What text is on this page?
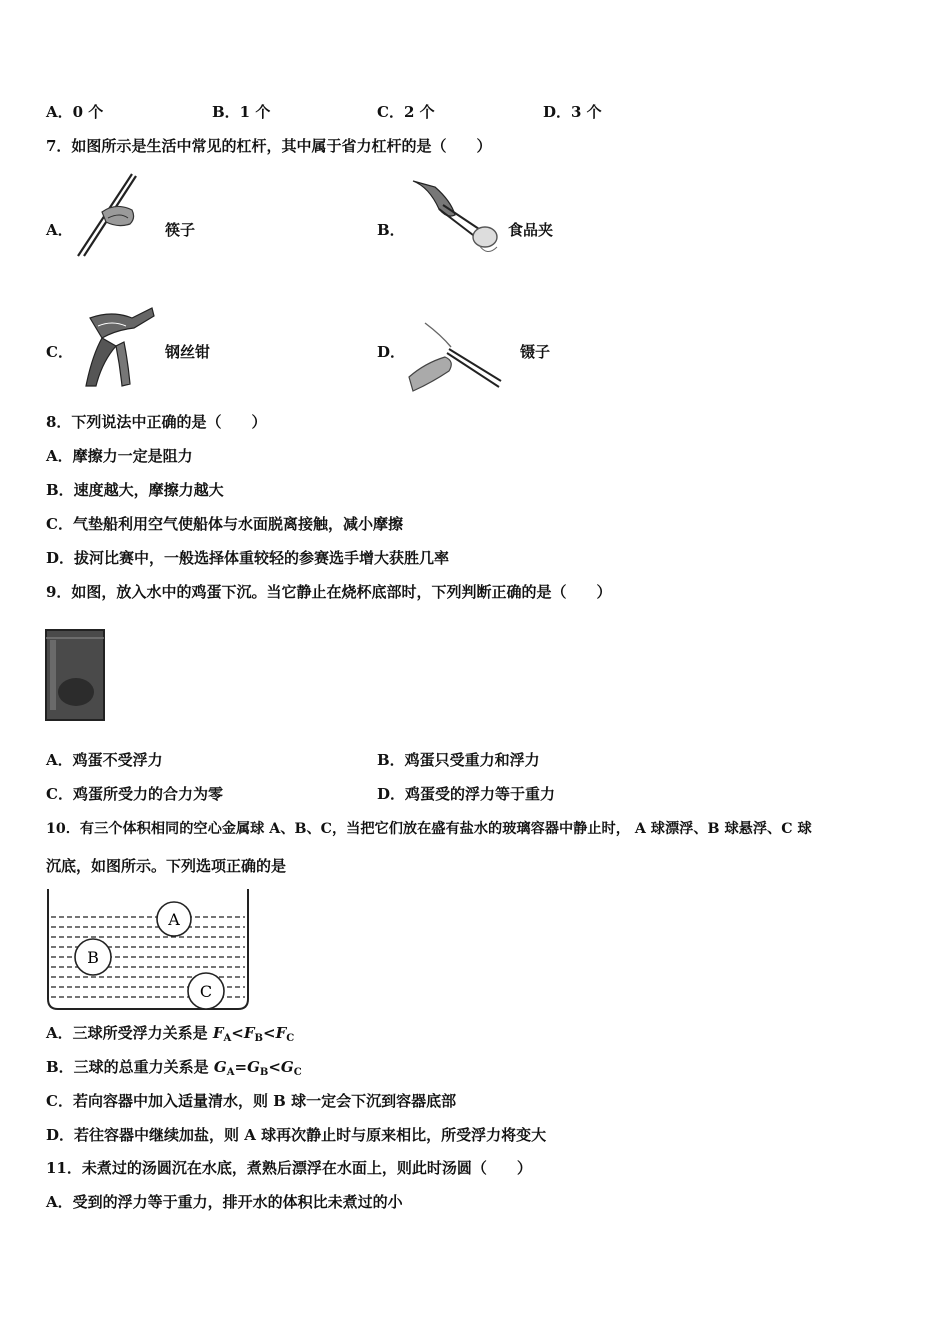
A．0 个	B．1 个	C．2 个	D．3 个
7．如图所示是生活中常见的杠杆，其中属于省力杠杆的是（　　）
A．	筷子	B．	食品夹
C．	钢丝钳	D．	镊子
8．下列说法中正确的是（　　）
A．摩擦力一定是阻力
B．速度越大，摩擦力越大
C．气垫船利用空气使船体与水面脱离接触，减小摩擦
D．拔河比赛中，一般选择体重较轻的参赛选手增大获胜几率
9．如图，放入水中的鸡蛋下沉。当它静止在烧杯底部时，下列判断正确的是（　　）
A．鸡蛋不受浮力	B．鸡蛋只受重力和浮力
C．鸡蛋所受力的合力为零	D．鸡蛋受的浮力等于重力
10．有三个体积相同的空心金属球 A、B、C，当把它们放在盛有盐水的玻璃容器中静止时， A 球漂浮、B 球悬浮、C 球
沉底，如图所示。下列选项正确的是
A
B
C
A．三球所受浮力关系是 $F_A<F_B<F_C$
B．三球的总重力关系是 $G_A=G_B<G_C$
C．若向容器中加入适量清水，则 B 球一定会下沉到容器底部
D．若往容器中继续加盐，则 A 球再次静止时与原来相比，所受浮力将变大
11．未煮过的汤圆沉在水底，煮熟后漂浮在水面上，则此时汤圆（　　）
A．受到的浮力等于重力，排开水的体积比未煮过的小
